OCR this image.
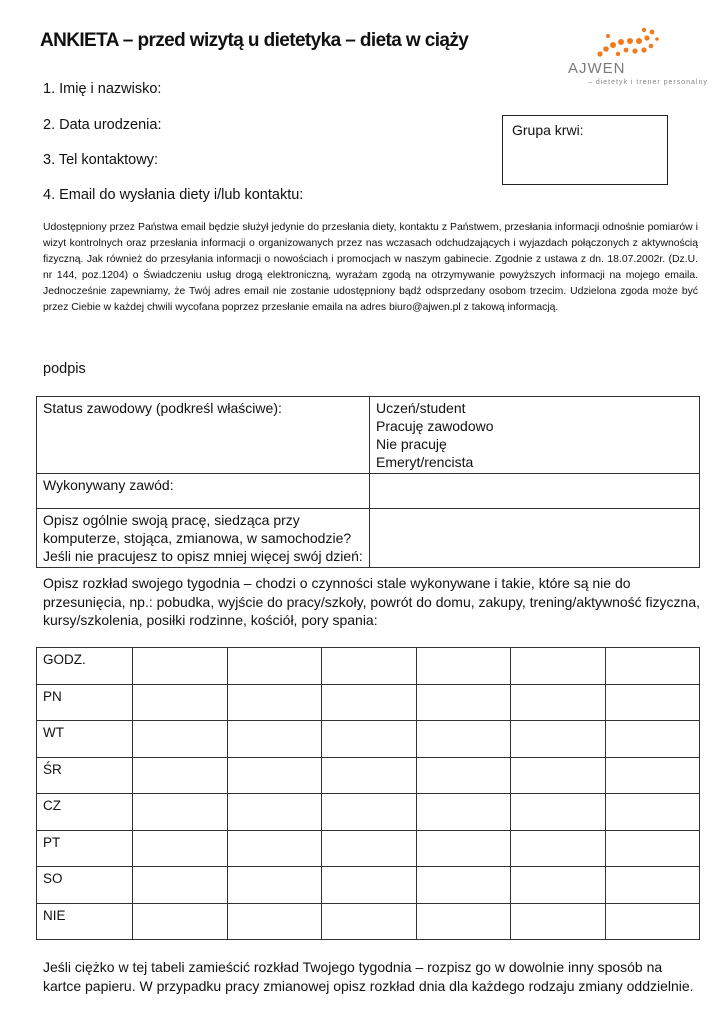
ANKIETA – przed wizytą u dietetyka – dieta w ciąży
AJWEN
– dietetyk i trener personalny
1. Imię i nazwisko:
2. Data urodzenia:
3. Tel kontaktowy:
4. Email do wysłania diety i/lub kontaktu:
Grupa krwi:
Udostępniony przez Państwa email będzie służył jedynie do przesłania diety, kontaktu z Państwem, przesłania informacji odnośnie pomiarów i wizyt kontrolnych oraz przesłania informacji o organizowanych przez nas wczasach odchudzających i wyjazdach połączonych z aktywnością fizyczną. Jak również do przesyłania informacji o nowościach i promocjach w naszym gabinecie. Zgodnie z ustawa z dn. 18.07.2002r. (Dz.U. nr 144, poz.1204) o Świadczeniu usług drogą elektroniczną, wyrażam zgodą na otrzymywanie powyższych informacji na mojego emaila. Jednocześnie zapewniamy, że Twój adres email nie zostanie udostępniony bądź odsprzedany osobom trzecim. Udzielona zgoda może być przez Ciebie w każdej chwili wycofana poprzez przesłanie emaila na adres biuro@ajwen.pl z takową informacją.
podpis
Status zawodowy (podkreśl właściwe):	Uczeń/student
Pracuję zawodowo
Nie pracuję
Emeryt/rencista

Wykonywany zawód:	
Opisz ogólnie swoją pracę, siedząca przy komputerze, stojąca, zmianowa, w samochodzie? Jeśli nie pracujesz to opisz mniej więcej swój dzień:	
Opisz rozkład swojego tygodnia – chodzi o czynności stale wykonywane i takie, które są nie do przesunięcia, np.: pobudka, wyjście do pracy/szkoły, powrót do domu, zakupy, trening/aktywność fizyczna, kursy/szkolenia, posiłki rodzinne, kościół, pory spania:
GODZ.						
PN						
WT						
ŚR						
CZ						
PT						
SO						
NIE						
Jeśli ciężko w tej tabeli zamieścić rozkład Twojego tygodnia – rozpisz go w dowolnie inny sposób na kartce papieru. W przypadku pracy zmianowej opisz rozkład dnia dla każdego rodzaju zmiany oddzielnie.
